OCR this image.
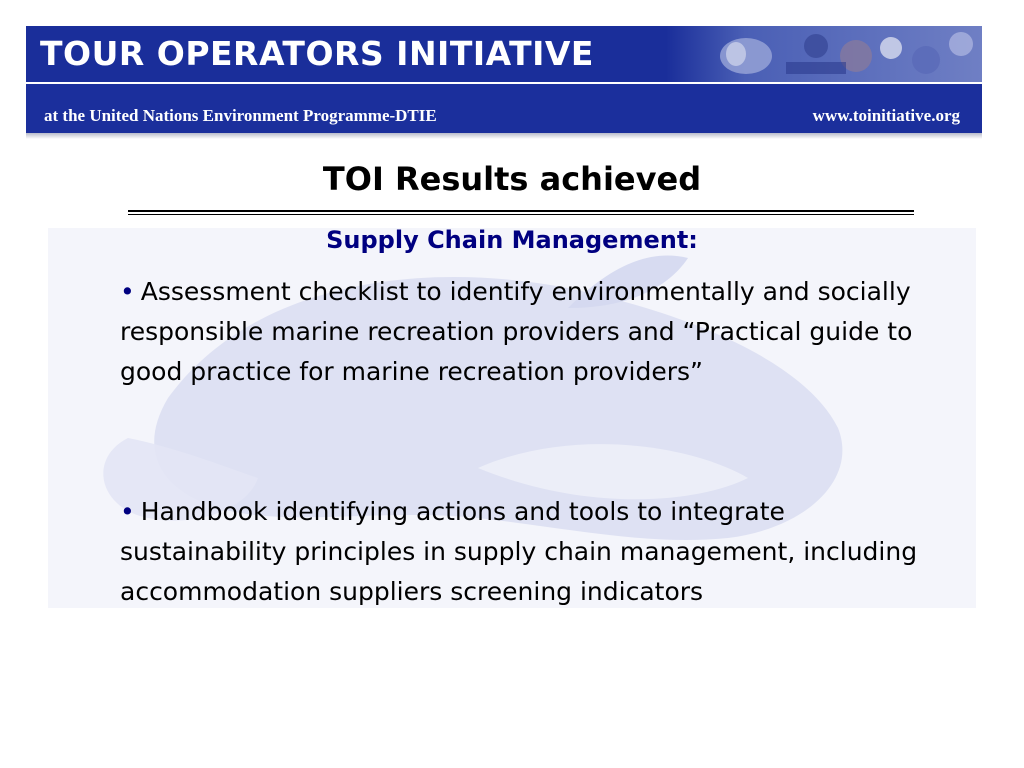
TOUR OPERATORS INITIATIVE
at the United Nations Environment Programme-DTIE	www.toinitiative.org
TOI Results achieved
Supply Chain Management:
• Assessment checklist to identify environmentally and socially responsible marine recreation providers and “Practical guide to good practice for marine recreation providers”
• Handbook identifying actions and tools to integrate sustainability principles in supply chain management, including accommodation suppliers screening indicators
